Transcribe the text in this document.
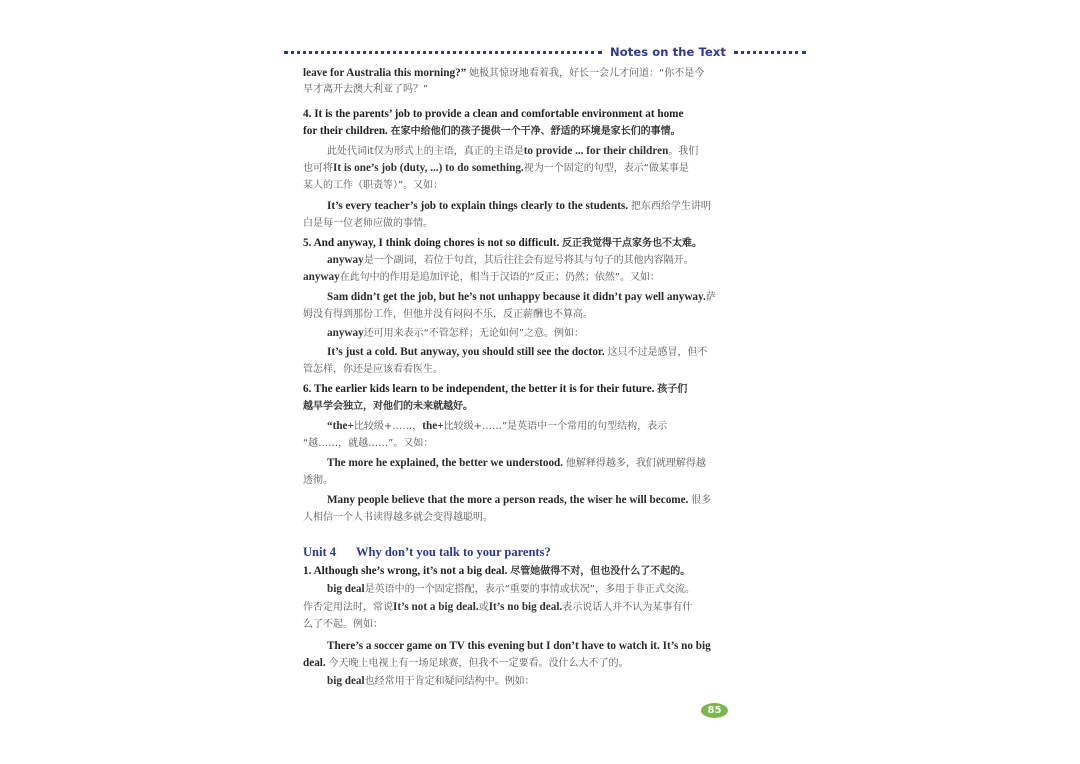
Notes on the Text
leave for Australia this morning?” 她极其惊讶地看着我，好长一会儿才问道：“你不是今
早才离开去澳大利亚了吗？”
4. It is the parents’ job to provide a clean and comfortable environment at home
for their children. 在家中给他们的孩子提供一个干净、舒适的环境是家长们的事情。
此处代词it仅为形式上的主语，真正的主语是to provide ... for their children。我们
也可将It is one’s job (duty, ...) to do something.视为一个固定的句型，表示“做某事是
某人的工作（职责等）”。又如：
It’s every teacher’s job to explain things clearly to the students. 把东西给学生讲明
白是每一位老师应做的事情。
5. And anyway, I think doing chores is not so difficult. 反正我觉得干点家务也不太难。
anyway是一个副词，若位于句首，其后往往会有逗号将其与句子的其他内容隔开。
anyway在此句中的作用是追加评论，相当于汉语的“反正；仍然；依然”。又如：
Sam didn’t get the job, but he’s not unhappy because it didn’t pay well anyway.萨
姆没有得到那份工作，但他并没有闷闷不乐，反正薪酬也不算高。
anyway还可用来表示“不管怎样；无论如何”之意。例如：
It’s just a cold. But anyway, you should still see the doctor. 这只不过是感冒，但不
管怎样，你还是应该看看医生。
6. The earlier kids learn to be independent, the better it is for their future. 孩子们
越早学会独立，对他们的未来就越好。
“the+比较级+……，the+比较级+……”是英语中一个常用的句型结构，表示
“越……，就越……”。又如：
The more he explained, the better we understood. 他解释得越多，我们就理解得越
透彻。
Many people believe that the more a person reads, the wiser he will become. 很多
人相信一个人书读得越多就会变得越聪明。
Unit 4 Why don’t you talk to your parents?
1. Although she’s wrong, it’s not a big deal. 尽管她做得不对，但也没什么了不起的。
big deal是英语中的一个固定搭配，表示“重要的事情或状况”，多用于非正式交流。
作否定用法时，常说It’s not a big deal.或It’s no big deal.表示说话人并不认为某事有什
么了不起。例如：
There’s a soccer game on TV this evening but I don’t have to watch it. It’s no big
deal. 今天晚上电视上有一场足球赛，但我不一定要看。没什么大不了的。
big deal也经常用于肯定和疑问结构中。例如：
85
